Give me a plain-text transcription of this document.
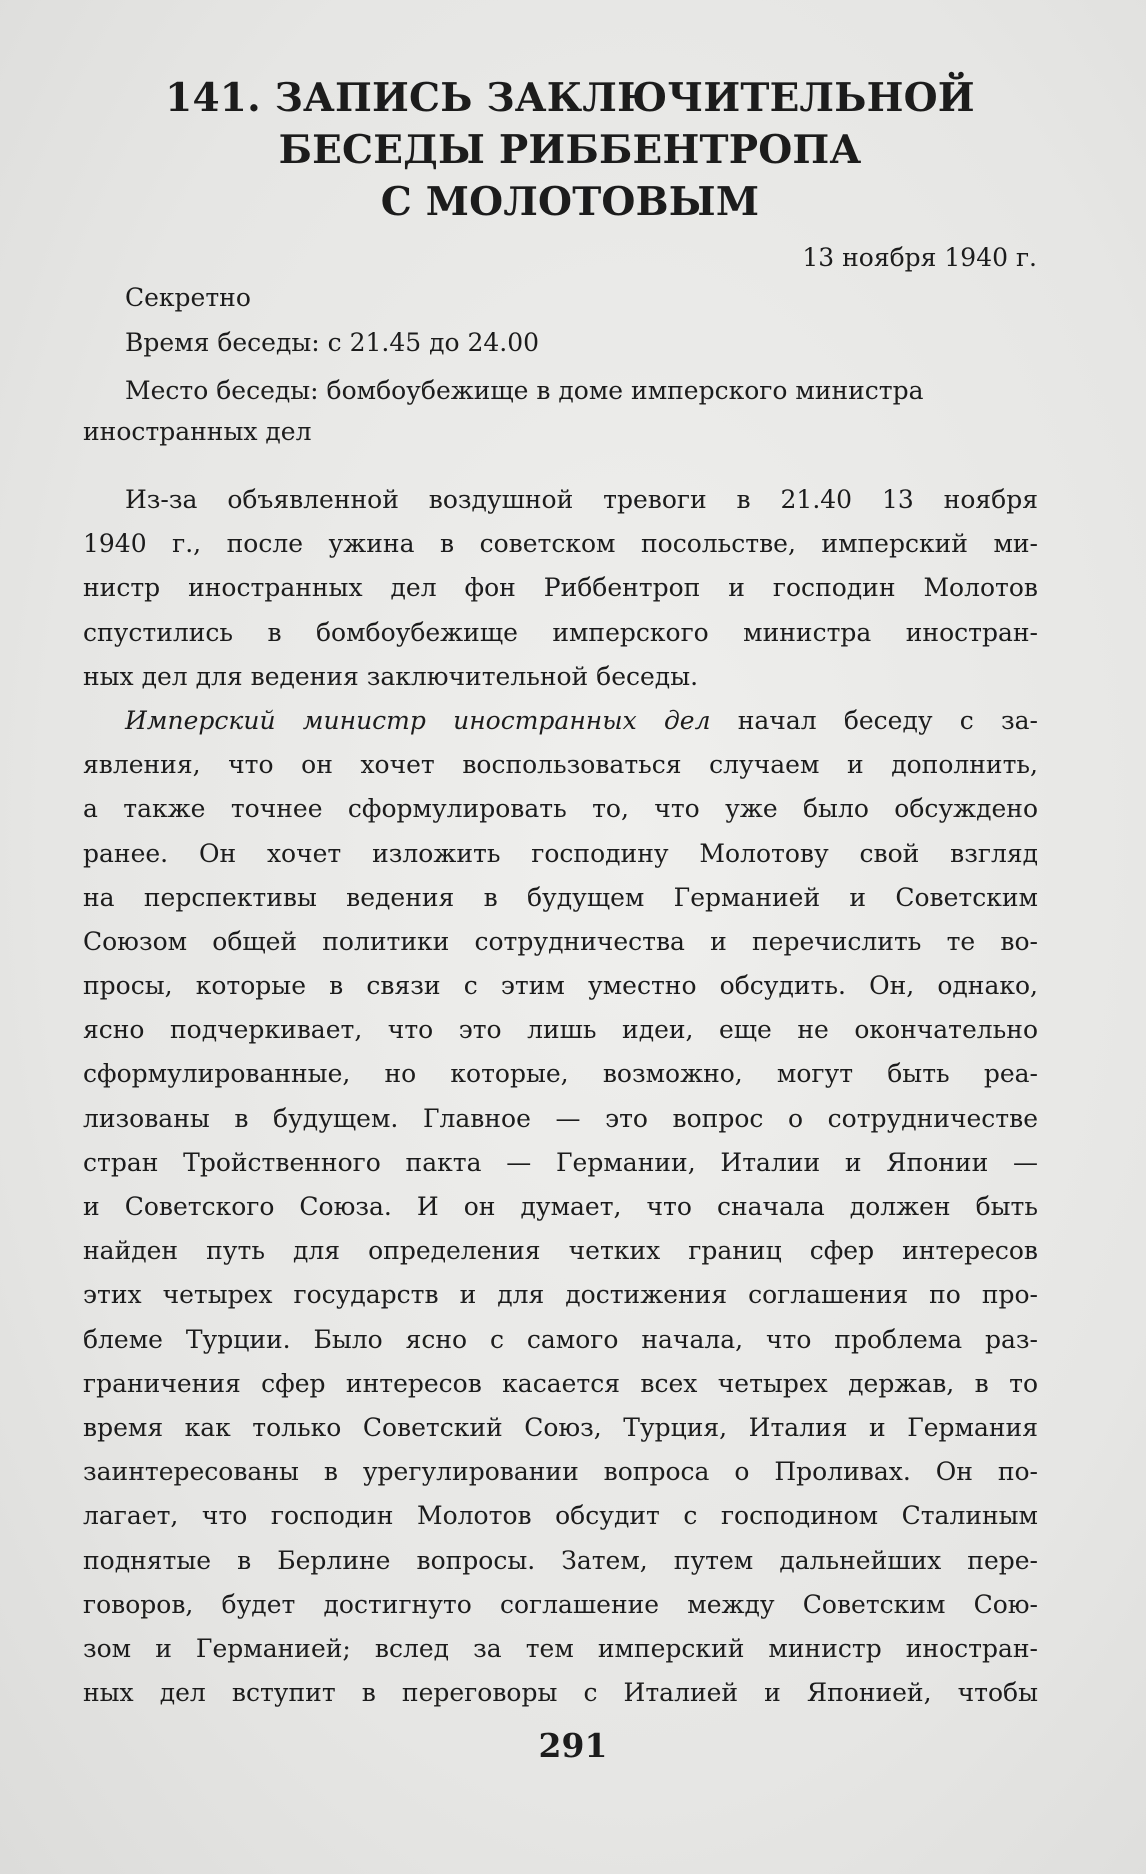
141. ЗАПИСЬ ЗАКЛЮЧИТЕЛЬНОЙ
БЕСЕДЫ РИББЕНТРОПА
С МОЛОТОВЫМ
13 ноября 1940 г.
Секретно
Время беседы: с 21.45 до 24.00
Место беседы: бомбоубежище в доме имперского министра
иностранных дел
Из-за объявленной воздушной тревоги в 21.40 13 ноября
1940 г., после ужина в советском посольстве, имперский ми-
нистр иностранных дел фон Риббентроп и господин Молотов
спустились в бомбоубежище имперского министра иностран-
ных дел для ведения заключительной беседы.
Имперский министр иностранных дел начал беседу с за-
явления, что он хочет воспользоваться случаем и дополнить,
а также точнее сформулировать то, что уже было обсуждено
ранее. Он хочет изложить господину Молотову свой взгляд
на перспективы ведения в будущем Германией и Советским
Союзом общей политики сотрудничества и перечислить те во-
просы, которые в связи с этим уместно обсудить. Он, однако,
ясно подчеркивает, что это лишь идеи, еще не окончательно
сформулированные, но которые, возможно, могут быть реа-
лизованы в будущем. Главное — это вопрос о сотрудничестве
стран Тройственного пакта — Германии, Италии и Японии —
и Советского Союза. И он думает, что сначала должен быть
найден путь для определения четких границ сфер интересов
этих четырех государств и для достижения соглашения по про-
блеме Турции. Было ясно с самого начала, что проблема раз-
граничения сфер интересов касается всех четырех держав, в то
время как только Советский Союз, Турция, Италия и Германия
заинтересованы в урегулировании вопроса о Проливах. Он по-
лагает, что господин Молотов обсудит с господином Сталиным
поднятые в Берлине вопросы. Затем, путем дальнейших пере-
говоров, будет достигнуто соглашение между Советским Сою-
зом и Германией; вслед за тем имперский министр иностран-
ных дел вступит в переговоры с Италией и Японией, чтобы
291
